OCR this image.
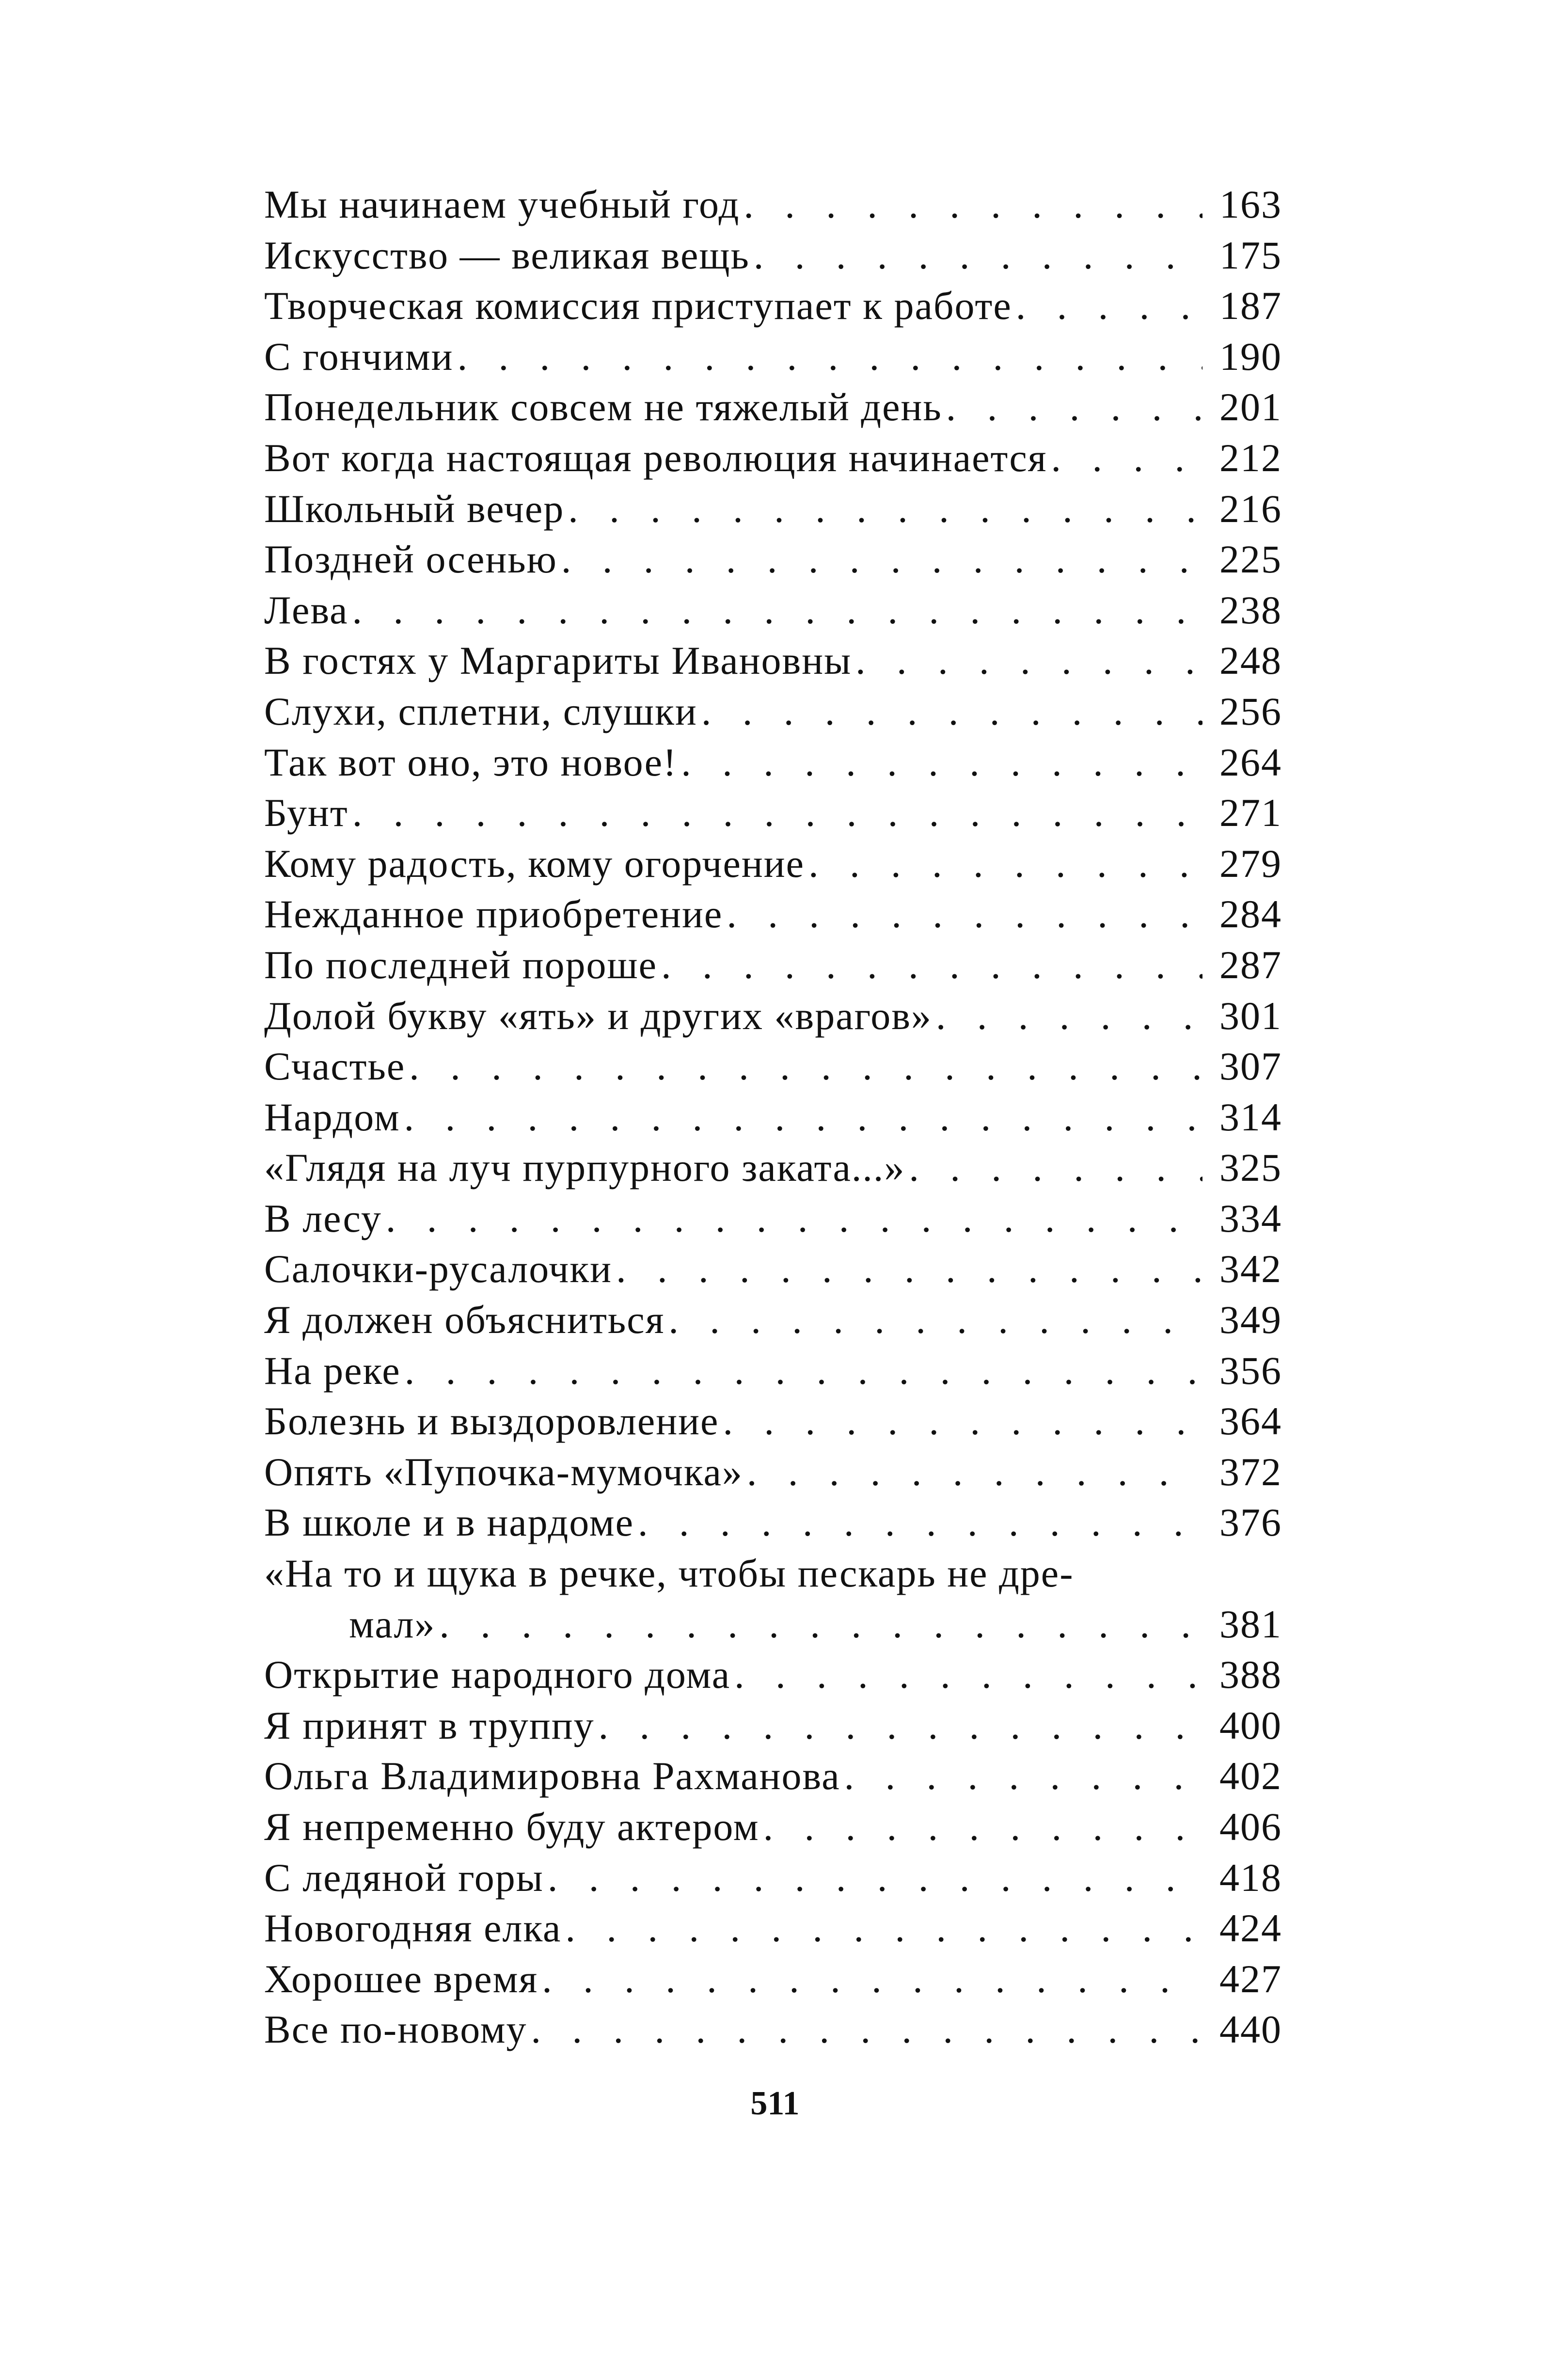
Мы начинаем учебный год . . .	163
Искусство — великая вещь . . .	175
Творческая комиссия приступает к работе . . .	187
С гончими . . .	190
Понедельник совсем не тяжелый день . . .	201
Вот когда настоящая революция начинается . . .	212
Школьный вечер . . .	216
Поздней осенью . . .	225
Лева . . .	238
В гостях у Маргариты Ивановны . . .	248
Слухи, сплетни, слушки . . .	256
Так вот оно, это новое! . . .	264
Бунт . . .	271
Кому радость, кому огорчение . . .	279
Нежданное приобретение . . .	284
По последней пороше . . .	287
Долой букву «ять» и других «врагов» . . .	301
Счастье . . .	307
Нардом . . .	314
«Глядя на луч пурпурного заката...» . . .	325
В лесу . . .	334
Салочки-русалочки . . .	342
Я должен объясниться . . .	349
На реке . . .	356
Болезнь и выздоровление . . .	364
Опять «Пупочка-мумочка» . . .	372
В школе и в нардоме . . .	376
«На то и щука в речке, чтобы пескарь не дре-
мал» . . .	381
Открытие народного дома . . .	388
Я принят в труппу . . .	400
Ольга Владимировна Рахманова . . .	402
Я непременно буду актером . . .	406
С ледяной горы . . .	418
Новогодняя елка . . .	424
Хорошее время . . .	427
Все по-новому . . .	440
511
